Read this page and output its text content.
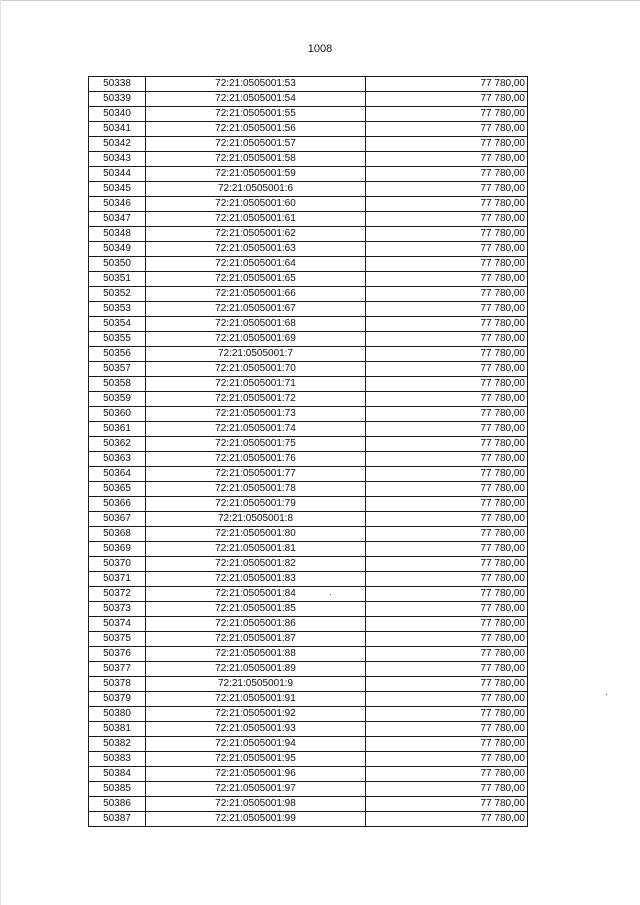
1008
50338	72:21:0505001:53	77 780,00
50339	72:21:0505001:54	77 780,00
50340	72:21:0505001:55	77 780,00
50341	72:21:0505001:56	77 780,00
50342	72:21:0505001:57	77 780,00
50343	72:21:0505001:58	77 780,00
50344	72:21:0505001:59	77 780,00
50345	72:21:0505001:6	77 780,00
50346	72:21:0505001:60	77 780,00
50347	72:21:0505001:61	77 780,00
50348	72:21:0505001:62	77 780,00
50349	72:21:0505001:63	77 780,00
50350	72:21:0505001:64	77 780,00
50351	72:21:0505001:65	77 780,00
50352	72:21:0505001:66	77 780,00
50353	72:21:0505001:67	77 780,00
50354	72:21:0505001:68	77 780,00
50355	72:21:0505001:69	77 780,00
50356	72:21:0505001:7	77 780,00
50357	72:21:0505001:70	77 780,00
50358	72:21:0505001:71	77 780,00
50359	72:21:0505001:72	77 780,00
50360	72:21:0505001:73	77 780,00
50361	72:21:0505001:74	77 780,00
50362	72:21:0505001:75	77 780,00
50363	72:21:0505001:76	77 780,00
50364	72:21:0505001:77	77 780,00
50365	72:21:0505001:78	77 780,00
50366	72:21:0505001:79	77 780,00
50367	72:21:0505001:8	77 780,00
50368	72:21:0505001:80	77 780,00
50369	72:21:0505001:81	77 780,00
50370	72:21:0505001:82	77 780,00
50371	72:21:0505001:83	77 780,00
50372	72:21:0505001:84	77 780,00
50373	72:21:0505001:85	77 780,00
50374	72:21:0505001:86	77 780,00
50375	72:21:0505001:87	77 780,00
50376	72:21:0505001:88	77 780,00
50377	72:21:0505001:89	77 780,00
50378	72:21:0505001:9	77 780,00
50379	72:21:0505001:91	77 780,00
50380	72:21:0505001:92	77 780,00
50381	72:21:0505001:93	77 780,00
50382	72:21:0505001:94	77 780,00
50383	72:21:0505001:95	77 780,00
50384	72:21:0505001:96	77 780,00
50385	72:21:0505001:97	77 780,00
50386	72:21:0505001:98	77 780,00
50387	72:21:0505001:99	77 780,00
